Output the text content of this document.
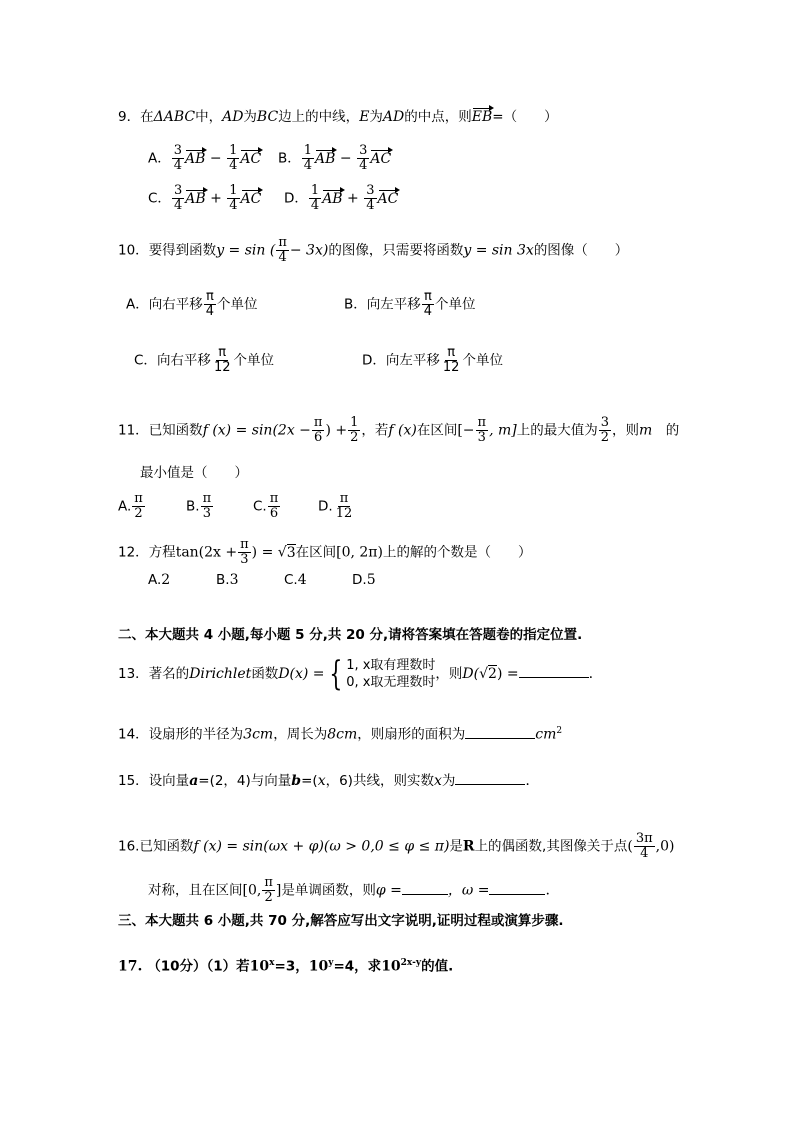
9．在ΔABC中，AD为BC边上的中线，E为AD的中点，则EB=（　　）
A． $\frac{3}{4}$ AB − $\frac{1}{4}$ AC B． $\frac{1}{4}$ AB − $\frac{3}{4}$ AC
C． $\frac{3}{4}$ AB + $\frac{1}{4}$ AC D． $\frac{1}{4}$ AB + $\frac{3}{4}$ AC
10．要得到函数y = sin ( $\frac{\pi}{4} - 3x$)的图像，只需要将函数y = sin 3x的图像（　　）
A．向右平移 $\frac{\pi}{4}$ 个单位	B．向左平移 $\frac{\pi}{4}$ 个单位
C．向右平移 $\frac{\pi}{12}$ 个单位	D．向左平移 $\frac{\pi}{12}$ 个单位
11．已知函数f $(x) = \sin(2x - \frac{\pi}{6}$ ) + $\frac{1}{2}$ ，若f (x)在区间[− $\frac{\pi}{3}$ , m]上的最大值为 $\frac{3}{2}$ ，则m　的
最小值是（　　）
A. $\frac{\pi}{2}$	B. $\frac{\pi}{3}$	C. $\frac{\pi}{6}$	D. $\frac{\pi}{12}$
12．方程$\tan(2x + \frac{\pi}{3}$ ) = √3在区间[0, 2π)上的解的个数是（　　）
A.2	B.3	C.4	D.5
二、本大题共 4 小题,每小题 5 分,共 20 分,请将答案填在答题卷的指定位置.
13．著名的Dirichlet函数D(x) = { 1, x取有理数时
0, x取无理数时
，则D(√2) =	.
14．设扇形的半径为3cm，周长为8cm，则扇形的面积为	$cm^2$
15．设向量a=(2，4)与向量b=(x，6)共线，则实数x为	.
16.已知函数f (x) = sin(ωx + φ)(ω > 0,0 ≤ φ ≤ π)是R上的偶函数,其图像关于点( $\frac{3\pi}{4} ,0$)
对称，且在区间[0, $\frac{\pi}{2}$ ]是单调函数，则φ =	，ω =	.
三、本大题共 6 小题,共 70 分,解答应写出文字说明,证明过程或演算步骤.
17. （10分）（1）若$10^x=3$，$10^y=4$，求$10^{2x-y}$的值.
